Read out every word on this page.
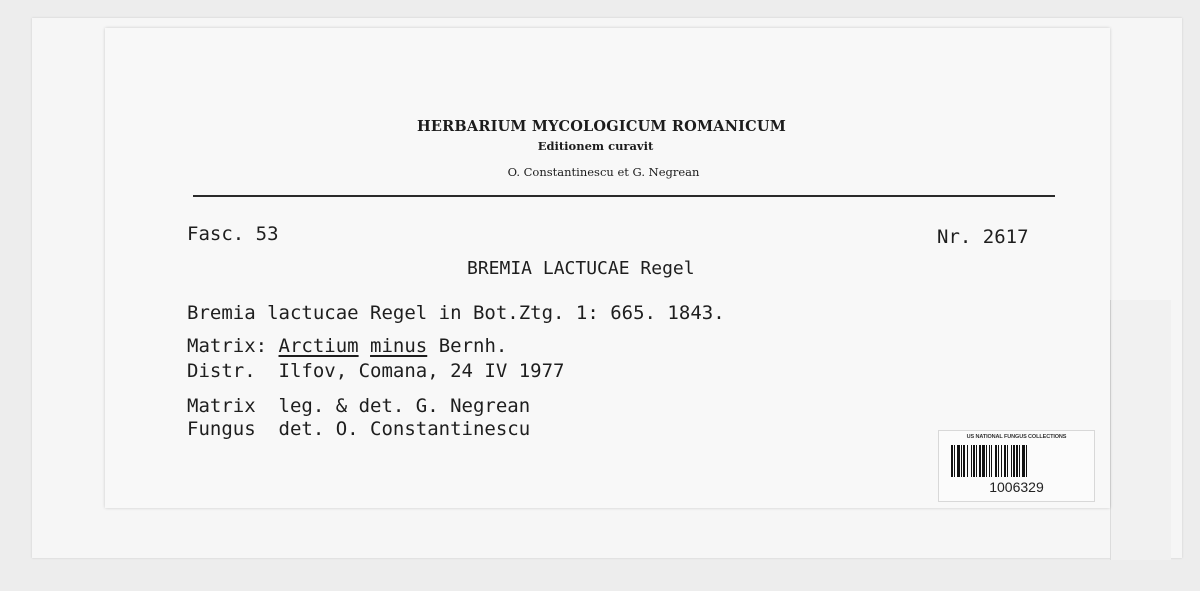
HERBARIUM MYCOLOGICUM ROMANICUM
Editionem curavit
O. Constantinescu et G. Negrean
Fasc. 53	Nr. 2617
BREMIA LACTUCAE Regel
Bremia lactucae Regel in Bot.Ztg. 1: 665. 1843.
Matrix: Arctium minus Bernh.
Distr.  Ilfov, Comana, 24 IV 1977
Matrix  leg. & det. G. Negrean
Fungus  det. O. Constantinescu	US NATIONAL FUNGUS COLLECTIONS
1006329
